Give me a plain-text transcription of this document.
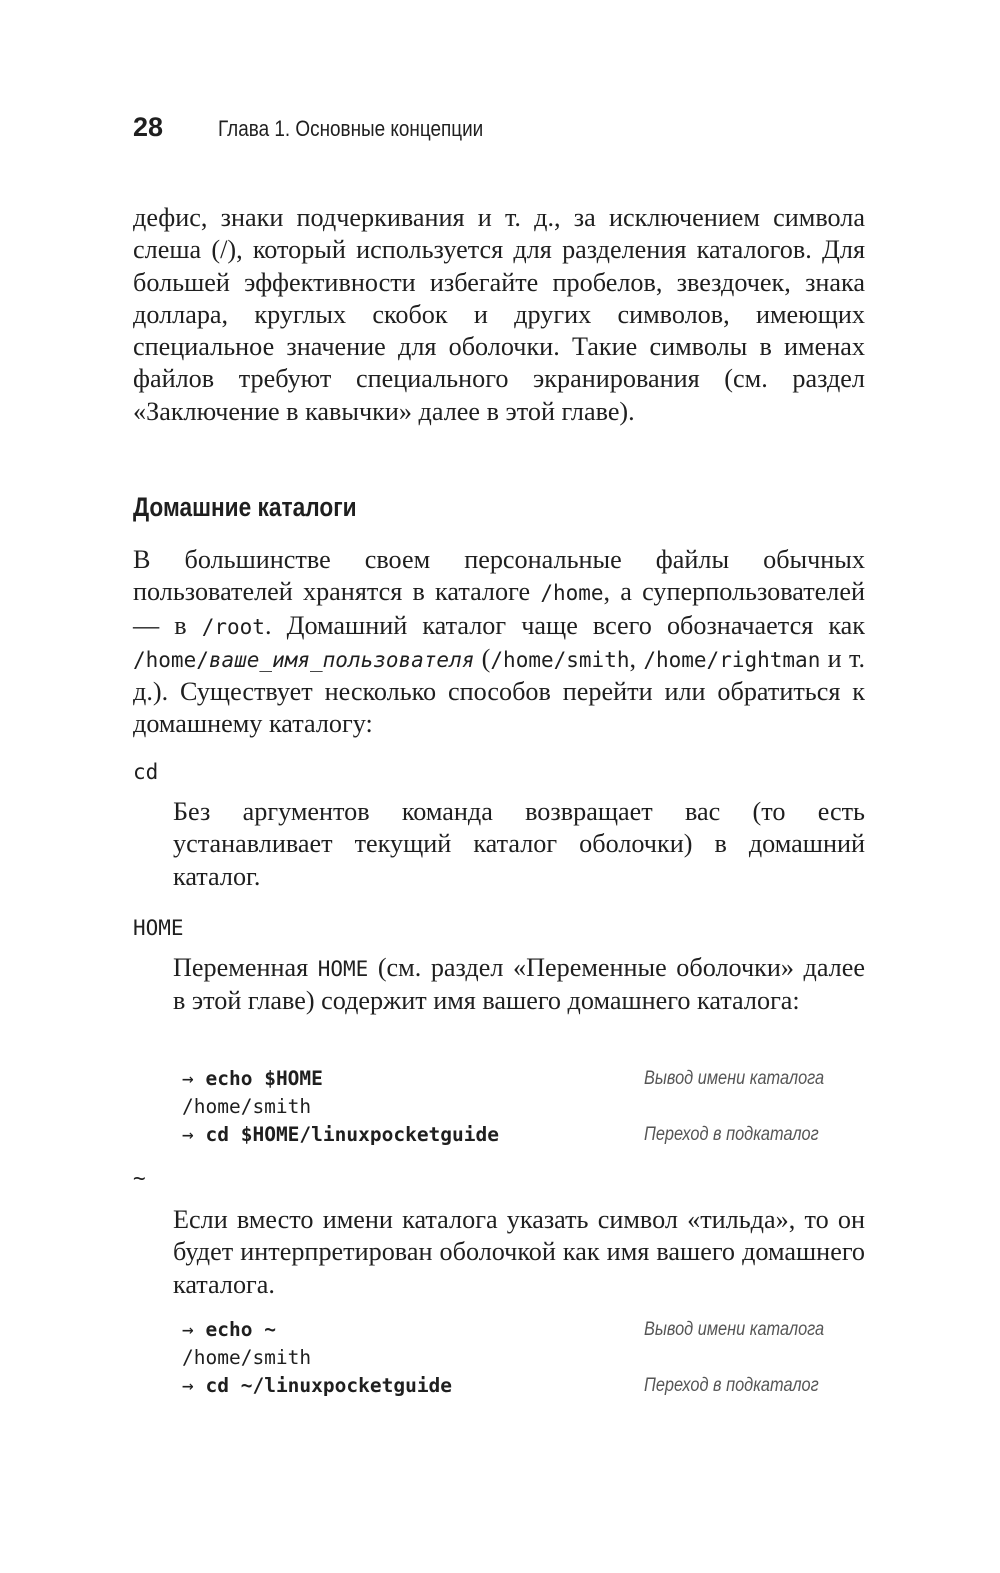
28	Глава 1. Основные концепции

дефис, знаки подчеркивания и т. д., за исключением символа слеша (/), который используется для разделения каталогов. Для большей эффективности избегайте пробелов, звездочек, знака доллара, круглых скобок и других символов, имеющих специальное значение для оболочки. Такие символы в именах файлов требуют специального экранирования (см. раздел «Заключение в кавычки» далее в этой главе).

Домашние каталоги

В большинстве своем персональные файлы обычных пользователей хранятся в каталоге /home, а суперпользователей — в /root. Домашний каталог чаще всего обозначается как /home/ваше_имя_пользователя (/home/smith, /home/rightman и т. д.). Существует несколько способов перейти или обратиться к домашнему каталогу:

cd

Без аргументов команда возвращает вас (то есть устанавливает текущий каталог оболочки) в домашний каталог.

HOME

Переменная HOME (см. раздел «Переменные оболочки» далее в этой главе) содержит имя вашего домашнего каталога:

→ echo $HOME	Вывод имени каталога
/home/smith
→ cd $HOME/linuxpocketguide	Переход в подкаталог

~

Если вместо имени каталога указать символ «тильда», то он будет интерпретирован оболочкой как имя вашего домашнего каталога.

→ echo ~	Вывод имени каталога
/home/smith
→ cd ~/linuxpocketguide	Переход в подкаталог
